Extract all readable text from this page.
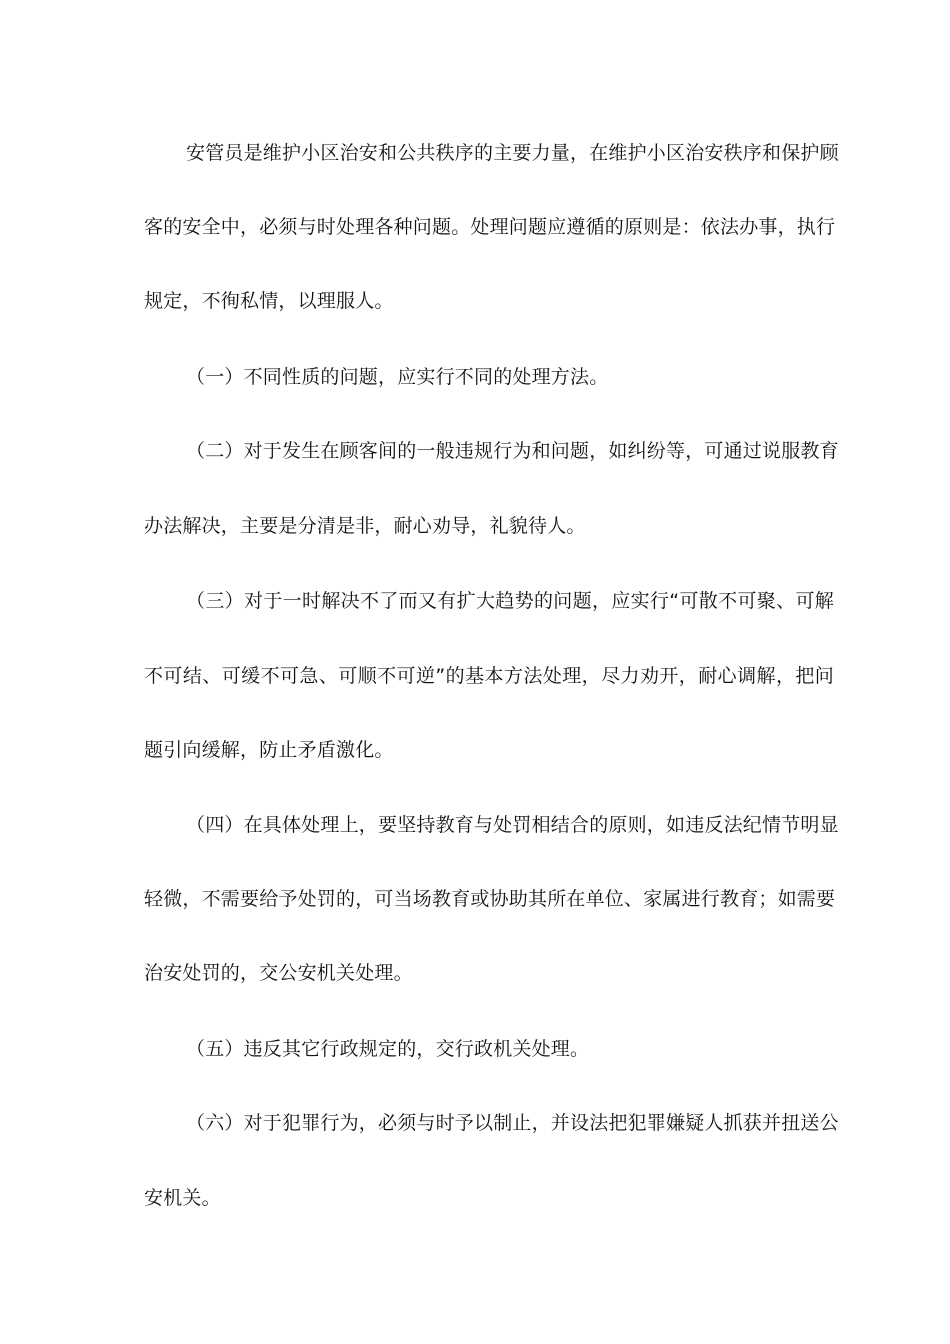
安管员是维护小区治安和公共秩序的主要力量，在维护小区治安秩序和保护顾
客的安全中，必须与时处理各种问题。处理问题应遵循的原则是：依法办事，执行
规定，不徇私情，以理服人。
（一）不同性质的问题，应实行不同的处理方法。
（二）对于发生在顾客间的一般违规行为和问题，如纠纷等，可通过说服教育
办法解决，主要是分清是非，耐心劝导，礼貌待人。
（三）对于一时解决不了而又有扩大趋势的问题，应实行“可散不可聚、可解
不可结、可缓不可急、可顺不可逆”的基本方法处理，尽力劝开，耐心调解，把问
题引向缓解，防止矛盾激化。
（四）在具体处理上，要坚持教育与处罚相结合的原则，如违反法纪情节明显
轻微，不需要给予处罚的，可当场教育或协助其所在单位、家属进行教育；如需要
治安处罚的，交公安机关处理。
（五）违反其它行政规定的，交行政机关处理。
（六）对于犯罪行为，必须与时予以制止，并设法把犯罪嫌疑人抓获并扭送公
安机关。
